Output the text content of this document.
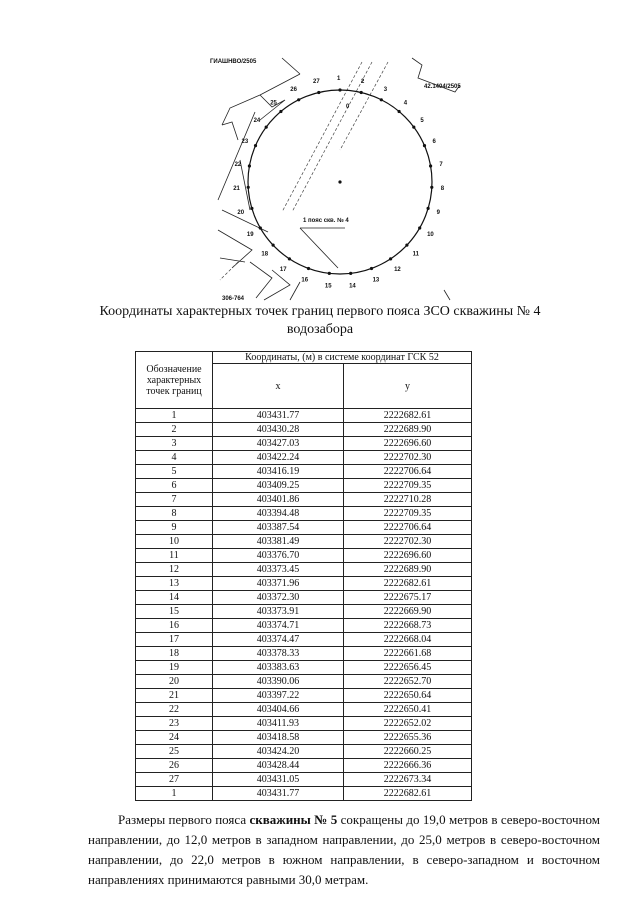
1	2
3
4
5
6
7
8
9
10
11
12
13
14
15
16
17
18
19
20
21
22
23
24
25
26
27
0
ГИАШНВО/2505
42.1404/2505
306-764
1 пояс скв. № 4
Координаты характерных точек границ первого пояса ЗСО скважины № 4
водозабора
Обозначение характерных точек границ	Координаты, (м) в системе координат ГСК 52	
	x	y
1	403431.77	2222682.61
2	403430.28	2222689.90
3	403427.03	2222696.60
4	403422.24	2222702.30
5	403416.19	2222706.64
6	403409.25	2222709.35
7	403401.86	2222710.28
8	403394.48	2222709.35
9	403387.54	2222706.64
10	403381.49	2222702.30
11	403376.70	2222696.60
12	403373.45	2222689.90
13	403371.96	2222682.61
14	403372.30	2222675.17
15	403373.91	2222669.90
16	403374.71	2222668.73
17	403374.47	2222668.04
18	403378.33	2222661.68
19	403383.63	2222656.45
20	403390.06	2222652.70
21	403397.22	2222650.64
22	403404.66	2222650.41
23	403411.93	2222652.02
24	403418.58	2222655.36
25	403424.20	2222660.25
26	403428.44	2222666.36
27	403431.05	2222673.34
1	403431.77	2222682.61
Размеры первого пояса скважины № 5 сокращены до 19,0 метров в северо-восточном направлении, до 12,0 метров в западном направлении, до 25,0 метров в северо-восточном направлении, до 22,0 метров в южном направлении, в северо-западном и восточном направлениях принимаются равными 30,0 метрам.
